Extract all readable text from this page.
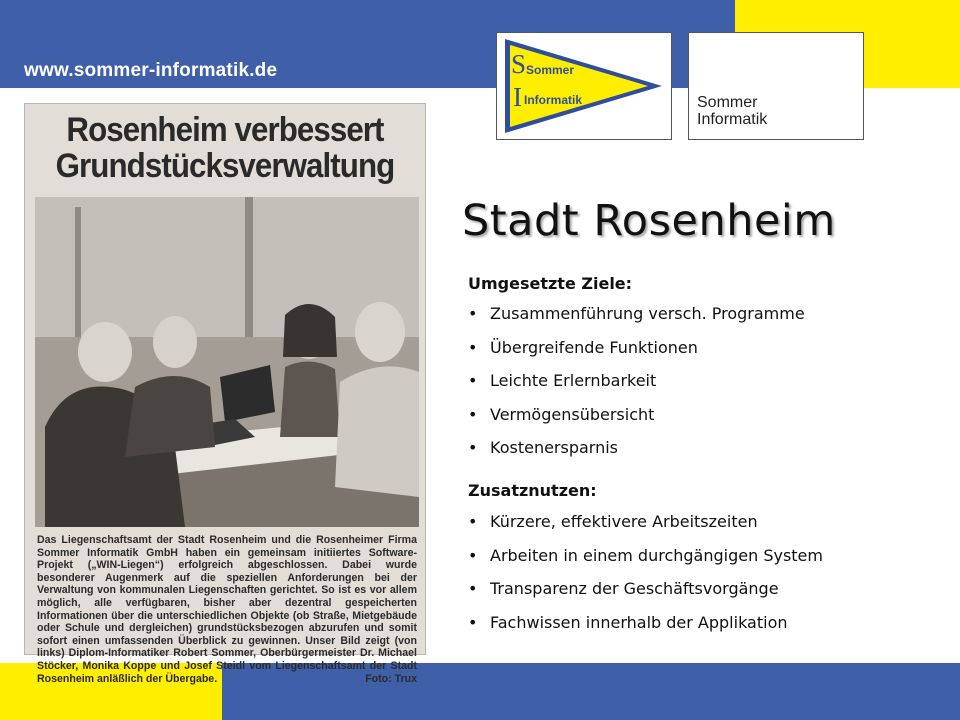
www.sommer-informatik.de	S Sommer
I Informatik	Sommer
Informatik
Rosenheim verbessert
Grundstücksverwaltung
Das Liegenschaftsamt der Stadt Rosenheim und die Rosenheimer Firma Sommer Informatik GmbH haben ein gemeinsam initiiertes Software-Projekt („WIN-Liegen“) erfolgreich abgeschlossen. Dabei wurde besonderer Augenmerk auf die speziellen Anforderungen bei der Verwaltung von kommunalen Liegenschaften gerichtet. So ist es vor allem möglich, alle verfügbaren, bisher aber dezentral gespeicherten Informationen über die unterschiedlichen Objekte (ob Straße, Mietgebäude oder Schule und dergleichen) grundstücksbezogen abzurufen und somit sofort einen umfassenden Überblick zu gewinnen. Unser Bild zeigt (von links) Diplom-Informatiker Robert Sommer, Oberbürgermeister Dr. Michael Stöcker, Monika Koppe und Josef Steidl vom Liegenschaftsamt der Stadt Rosenheim anläßlich der Übergabe.	Foto: Trux
Stadt Rosenheim
Umgesetzte Ziele:
• Zusammenführung versch. Programme
• Übergreifende Funktionen
• Leichte Erlernbarkeit
• Vermögensübersicht
• Kostenersparnis
Zusatznutzen:
• Kürzere, effektivere Arbeitszeiten
• Arbeiten in einem durchgängigen System
• Transparenz der Geschäftsvorgänge
• Fachwissen innerhalb der Applikation
